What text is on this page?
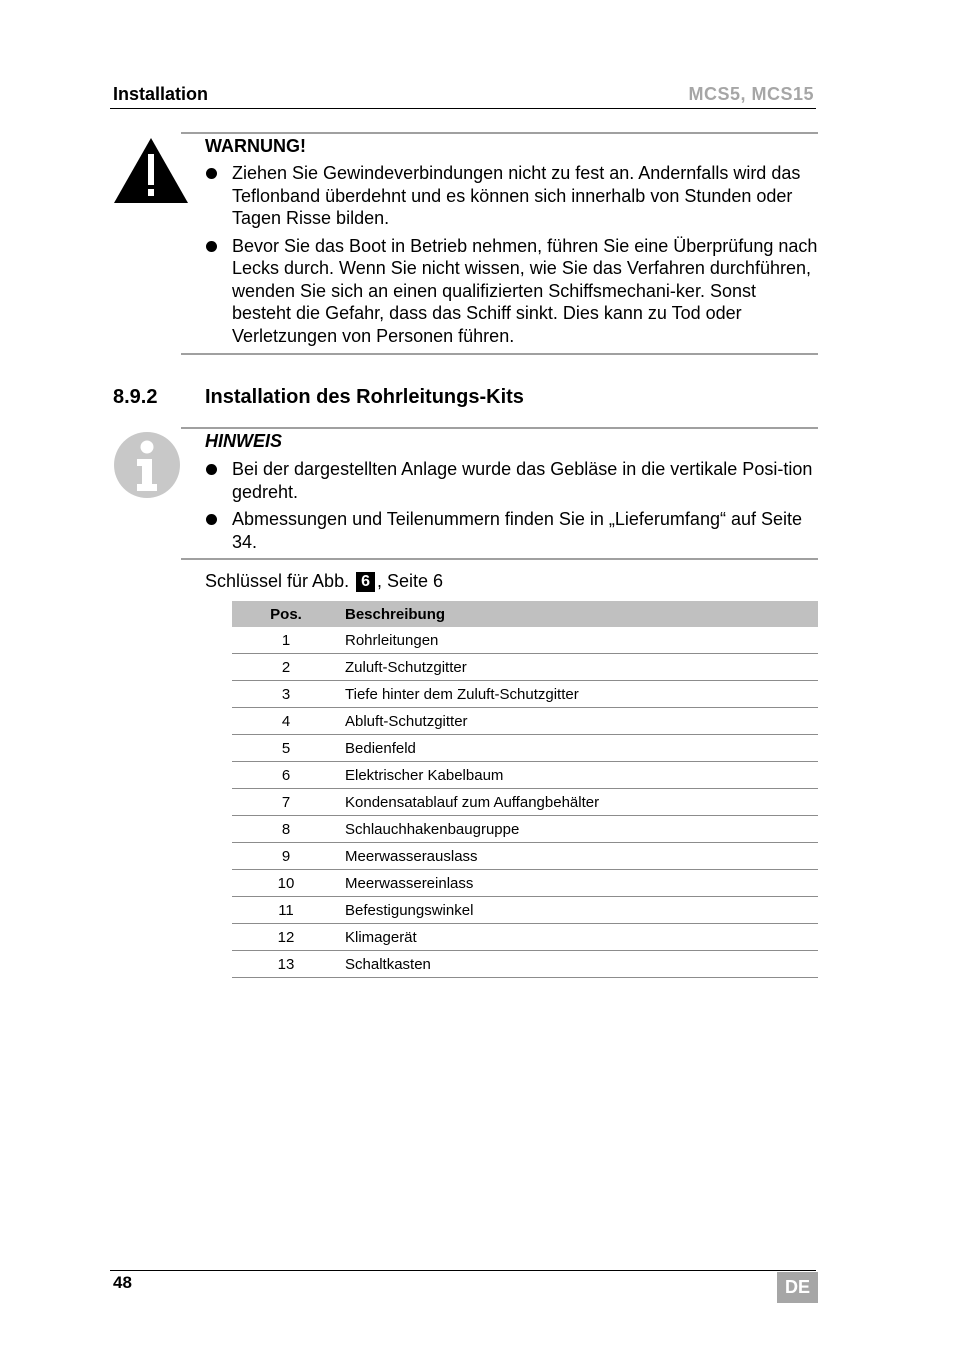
Installation	MCS5, MCS15
WARNUNG!
Ziehen Sie Gewindeverbindungen nicht zu fest an. Andernfalls wird das Teflonband überdehnt und es können sich innerhalb von Stunden oder Tagen Risse bilden.
Bevor Sie das Boot in Betrieb nehmen, führen Sie eine Überprüfung nach Lecks durch. Wenn Sie nicht wissen, wie Sie das Verfahren durchführen, wenden Sie sich an einen qualifizierten Schiffsmechani-ker. Sonst besteht die Gefahr, dass das Schiff sinkt. Dies kann zu Tod oder Verletzungen von Personen führen.
8.9.2 Installation des Rohrleitungs-Kits
HINWEIS
Bei der dargestellten Anlage wurde das Gebläse in die vertikale Posi-tion gedreht.
Abmessungen und Teilenummern finden Sie in „Lieferumfang“ auf Seite 34.
Schlüssel für Abb. 6 , Seite 6
Pos.	Beschreibung
1	Rohrleitungen
2	Zuluft-Schutzgitter
3	Tiefe hinter dem Zuluft-Schutzgitter
4	Abluft-Schutzgitter
5	Bedienfeld
6	Elektrischer Kabelbaum
7	Kondensatablauf zum Auffangbehälter
8	Schlauchhakenbaugruppe
9	Meerwasserauslass
10	Meerwassereinlass
11	Befestigungswinkel
12	Klimagerät
13	Schaltkasten
48	DE
